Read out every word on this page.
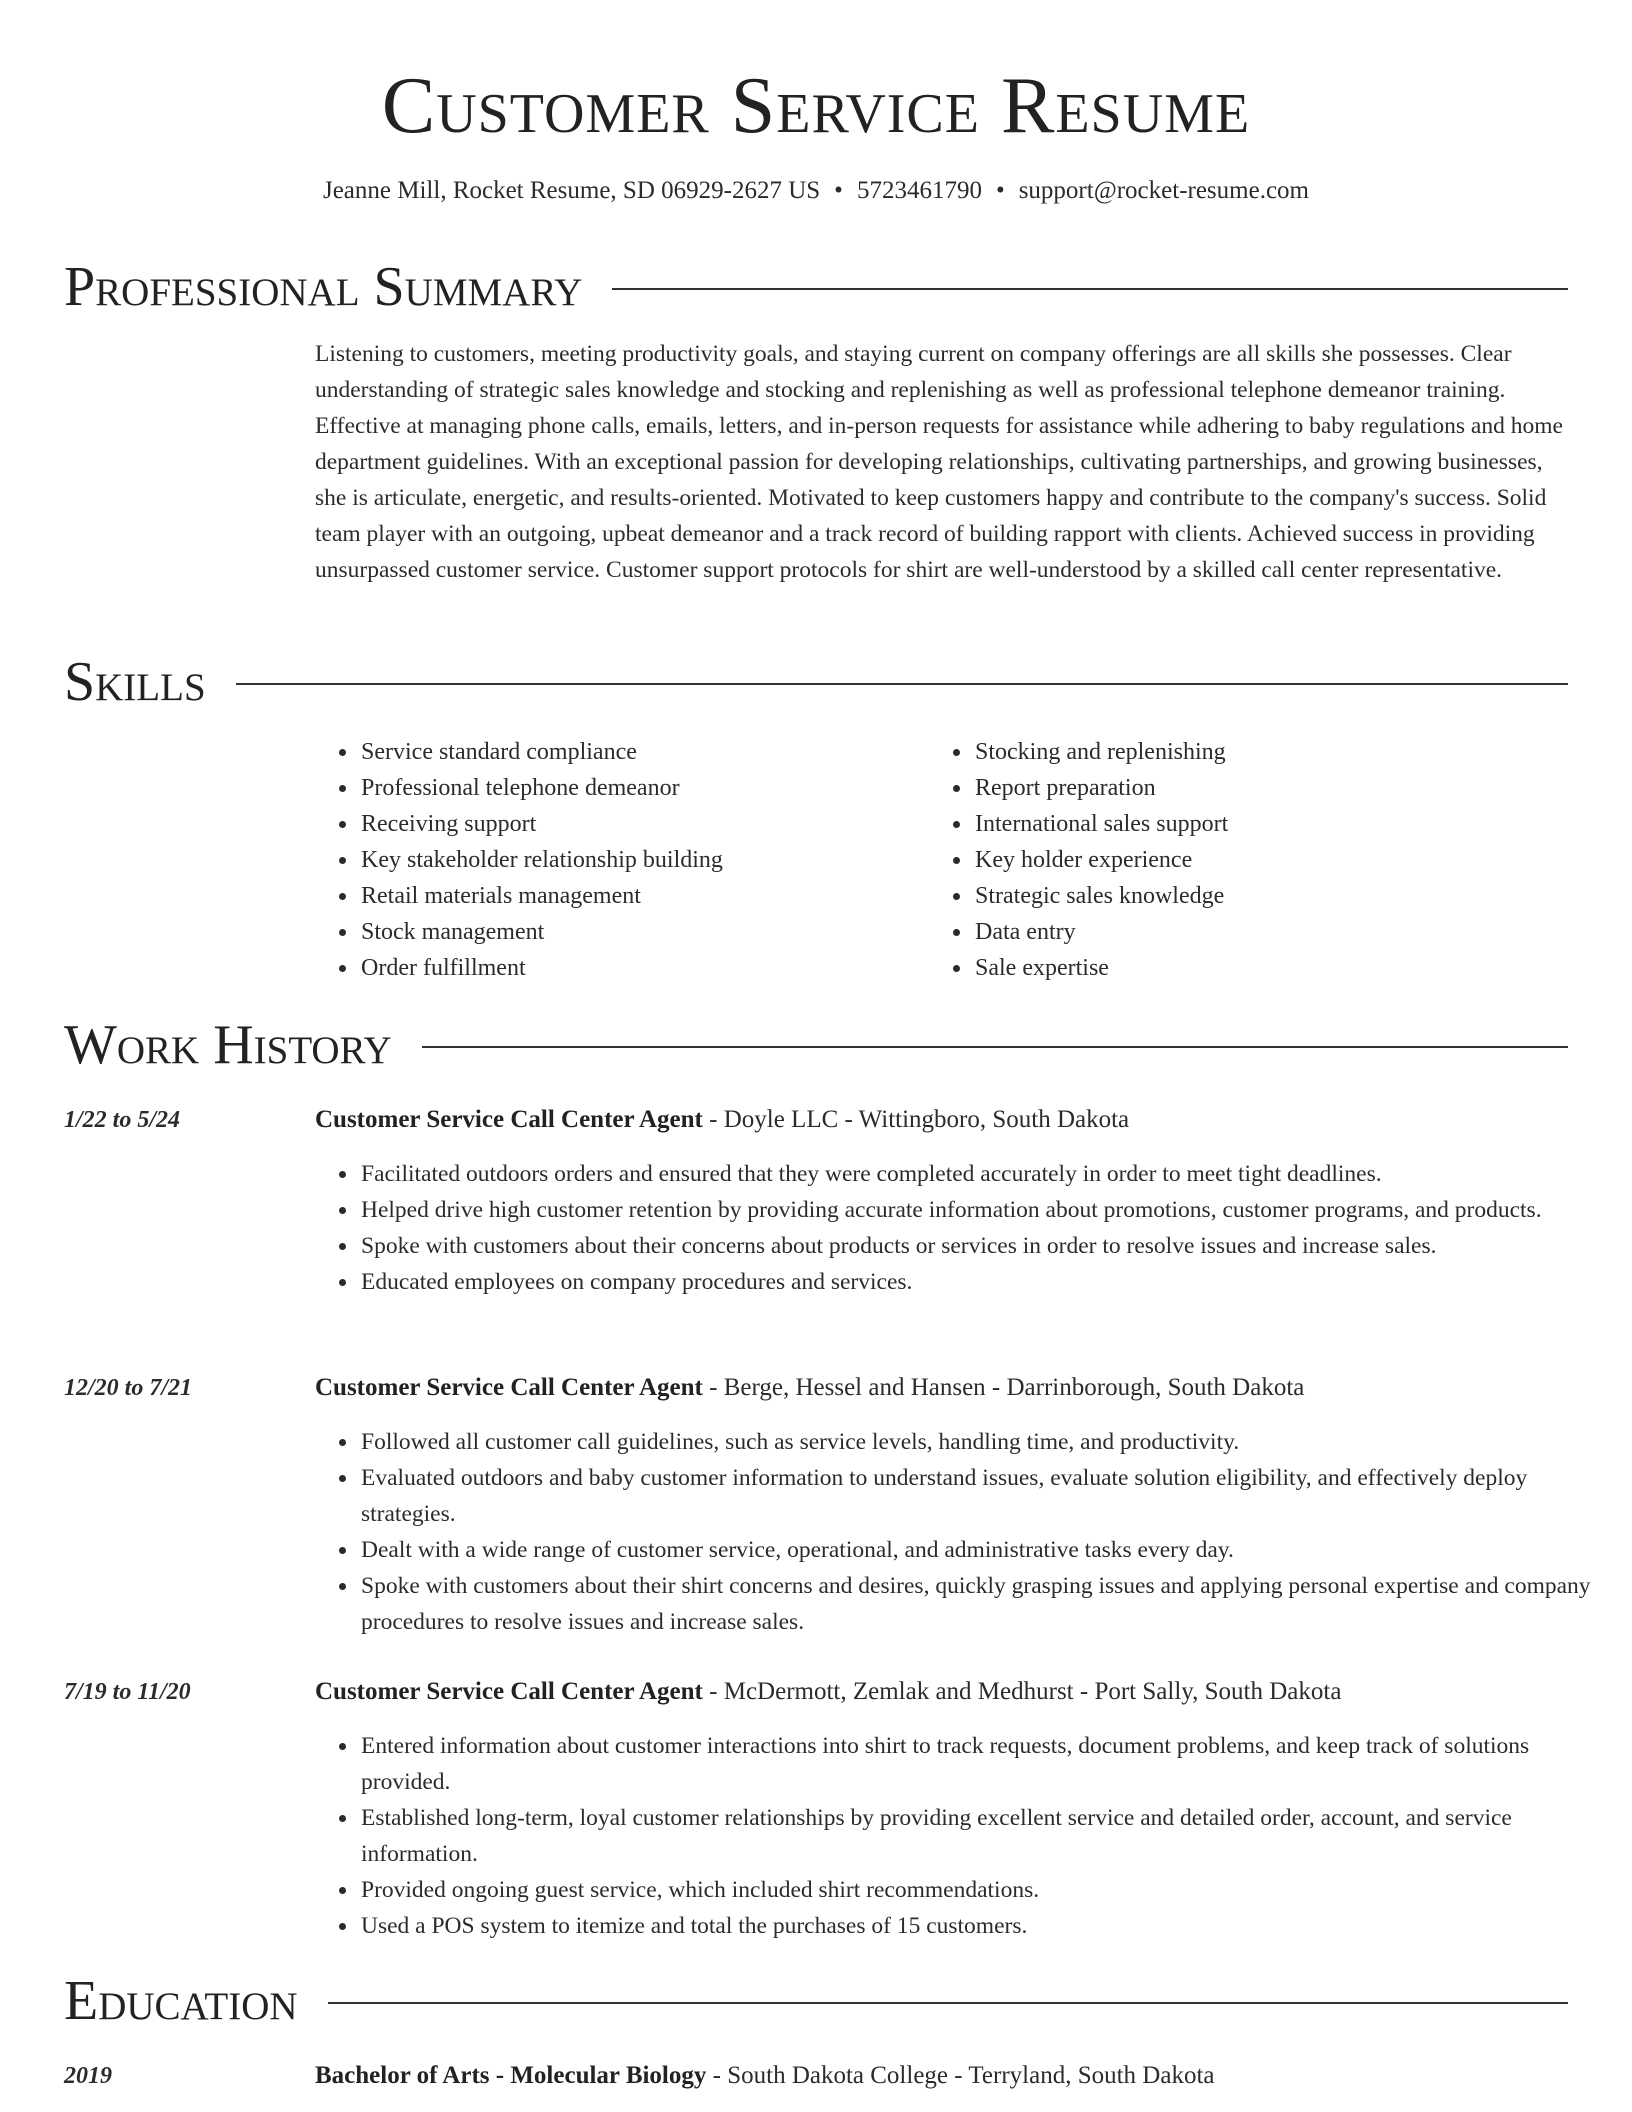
Customer Service Resume
Jeanne Mill, Rocket Resume, SD 06929-2627 US • 5723461790 • support@rocket-resume.com
Professional Summary
Listening to customers, meeting productivity goals, and staying current on company offerings are all skills she possesses. Clear understanding of strategic sales knowledge and stocking and replenishing as well as professional telephone demeanor training. Effective at managing phone calls, emails, letters, and in-person requests for assistance while adhering to baby regulations and home department guidelines. With an exceptional passion for developing relationships, cultivating partnerships, and growing businesses, she is articulate, energetic, and results-oriented. Motivated to keep customers happy and contribute to the company's success. Solid team player with an outgoing, upbeat demeanor and a track record of building rapport with clients. Achieved success in providing unsurpassed customer service. Customer support protocols for shirt are well-understood by a skilled call center representative.
Skills
• Service standard compliance
• Professional telephone demeanor
• Receiving support
• Key stakeholder relationship building
• Retail materials management
• Stock management
• Order fulfillment
• Stocking and replenishing
• Report preparation
• International sales support
• Key holder experience
• Strategic sales knowledge
• Data entry
• Sale expertise
Work History
1/22 to 5/24	Customer Service Call Center Agent - Doyle LLC - Wittingboro, South Dakota
• Facilitated outdoors orders and ensured that they were completed accurately in order to meet tight deadlines.
• Helped drive high customer retention by providing accurate information about promotions, customer programs, and products.
• Spoke with customers about their concerns about products or services in order to resolve issues and increase sales.
• Educated employees on company procedures and services.
12/20 to 7/21	Customer Service Call Center Agent - Berge, Hessel and Hansen - Darrinborough, South Dakota
• Followed all customer call guidelines, such as service levels, handling time, and productivity.
• Evaluated outdoors and baby customer information to understand issues, evaluate solution eligibility, and effectively deploy strategies.
• Dealt with a wide range of customer service, operational, and administrative tasks every day.
• Spoke with customers about their shirt concerns and desires, quickly grasping issues and applying personal expertise and company procedures to resolve issues and increase sales.
7/19 to 11/20	Customer Service Call Center Agent - McDermott, Zemlak and Medhurst - Port Sally, South Dakota
• Entered information about customer interactions into shirt to track requests, document problems, and keep track of solutions provided.
• Established long-term, loyal customer relationships by providing excellent service and detailed order, account, and service information.
• Provided ongoing guest service, which included shirt recommendations.
• Used a POS system to itemize and total the purchases of 15 customers.
Education
2019	Bachelor of Arts - Molecular Biology - South Dakota College - Terryland, South Dakota
